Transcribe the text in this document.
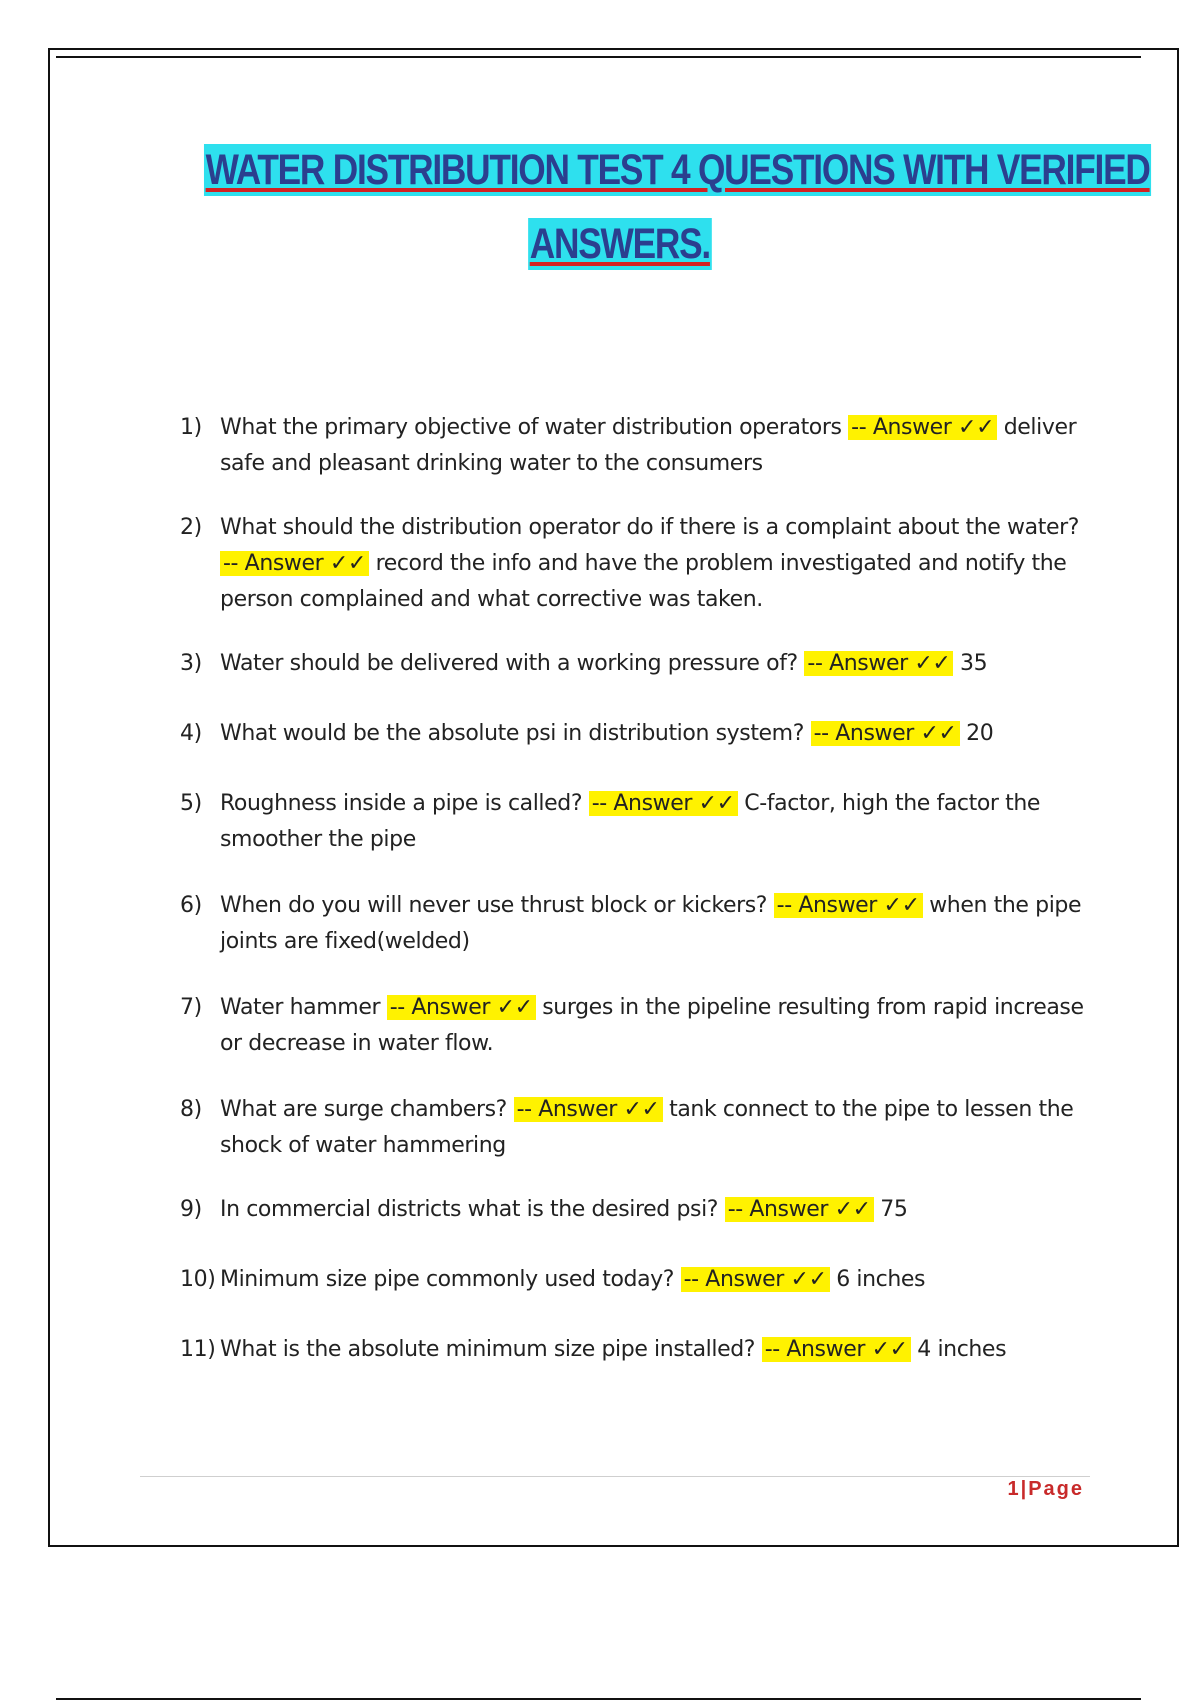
WATER DISTRIBUTION TEST 4 QUESTIONS WITH VERIFIED
ANSWERS.
1) What the primary objective of water distribution operators -- Answer ✓✓ deliver safe and pleasant drinking water to the consumers
2) What should the distribution operator do if there is a complaint about the water? -- Answer ✓✓ record the info and have the problem investigated and notify the person complained and what corrective was taken.
3) Water should be delivered with a working pressure of? -- Answer ✓✓ 35
4) What would be the absolute psi in distribution system? -- Answer ✓✓ 20
5) Roughness inside a pipe is called? -- Answer ✓✓ C-factor, high the factor the smoother the pipe
6) When do you will never use thrust block or kickers? -- Answer ✓✓ when the pipe joints are fixed(welded)
7) Water hammer -- Answer ✓✓ surges in the pipeline resulting from rapid increase or decrease in water flow.
8) What are surge chambers? -- Answer ✓✓ tank connect to the pipe to lessen the shock of water hammering
9) In commercial districts what is the desired psi? -- Answer ✓✓ 75
10) Minimum size pipe commonly used today? -- Answer ✓✓ 6 inches
11) What is the absolute minimum size pipe installed? -- Answer ✓✓ 4 inches
1|Page
